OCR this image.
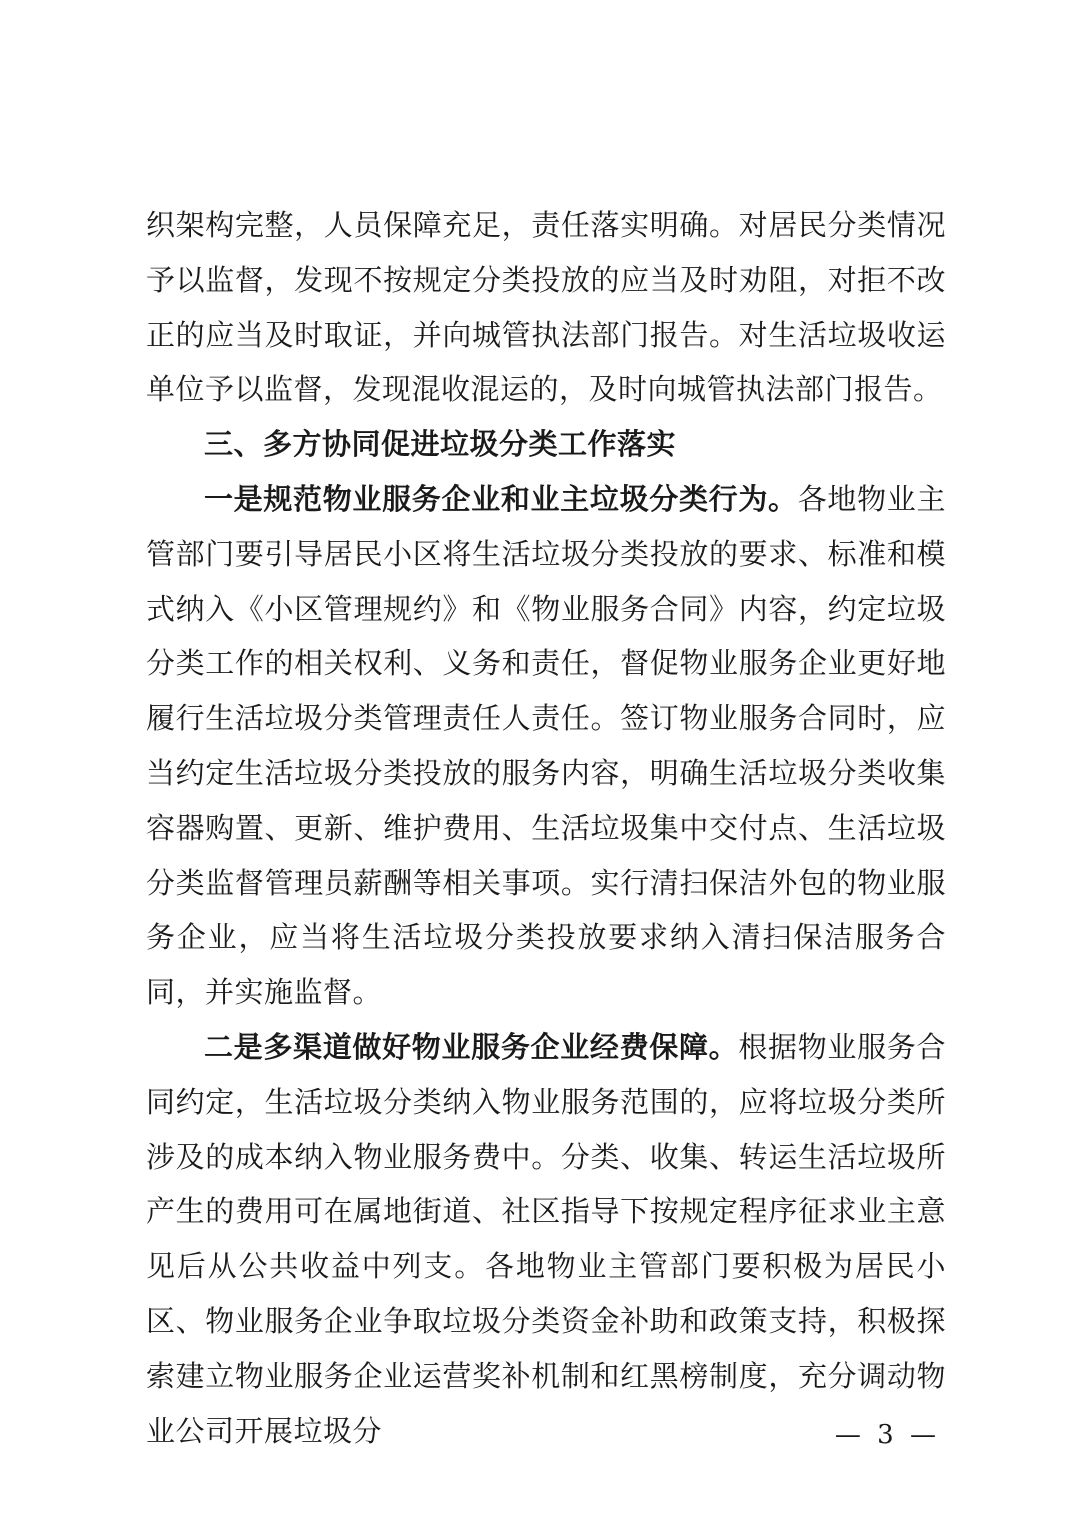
织架构完整，人员保障充足，责任落实明确。对居民分类情况予以监督，发现不按规定分类投放的应当及时劝阻，对拒不改正的应当及时取证，并向城管执法部门报告。对生活垃圾收运单位予以监督，发现混收混运的，及时向城管执法部门报告。

三、多方协同促进垃圾分类工作落实

一是规范物业服务企业和业主垃圾分类行为。各地物业主管部门要引导居民小区将生活垃圾分类投放的要求、标准和模式纳入《小区管理规约》和《物业服务合同》内容，约定垃圾分类工作的相关权利、义务和责任，督促物业服务企业更好地履行生活垃圾分类管理责任人责任。签订物业服务合同时，应当约定生活垃圾分类投放的服务内容，明确生活垃圾分类收集容器购置、更新、维护费用、生活垃圾集中交付点、生活垃圾分类监督管理员薪酬等相关事项。实行清扫保洁外包的物业服务企业，应当将生活垃圾分类投放要求纳入清扫保洁服务合同，并实施监督。

二是多渠道做好物业服务企业经费保障。根据物业服务合同约定，生活垃圾分类纳入物业服务范围的，应将垃圾分类所涉及的成本纳入物业服务费中。分类、收集、转运生活垃圾所产生的费用可在属地街道、社区指导下按规定程序征求业主意见后从公共收益中列支。各地物业主管部门要积极为居民小区、物业服务企业争取垃圾分类资金补助和政策支持，积极探索建立物业服务企业运营奖补机制和红黑榜制度，充分调动物业公司开展垃圾分	— 3 —
